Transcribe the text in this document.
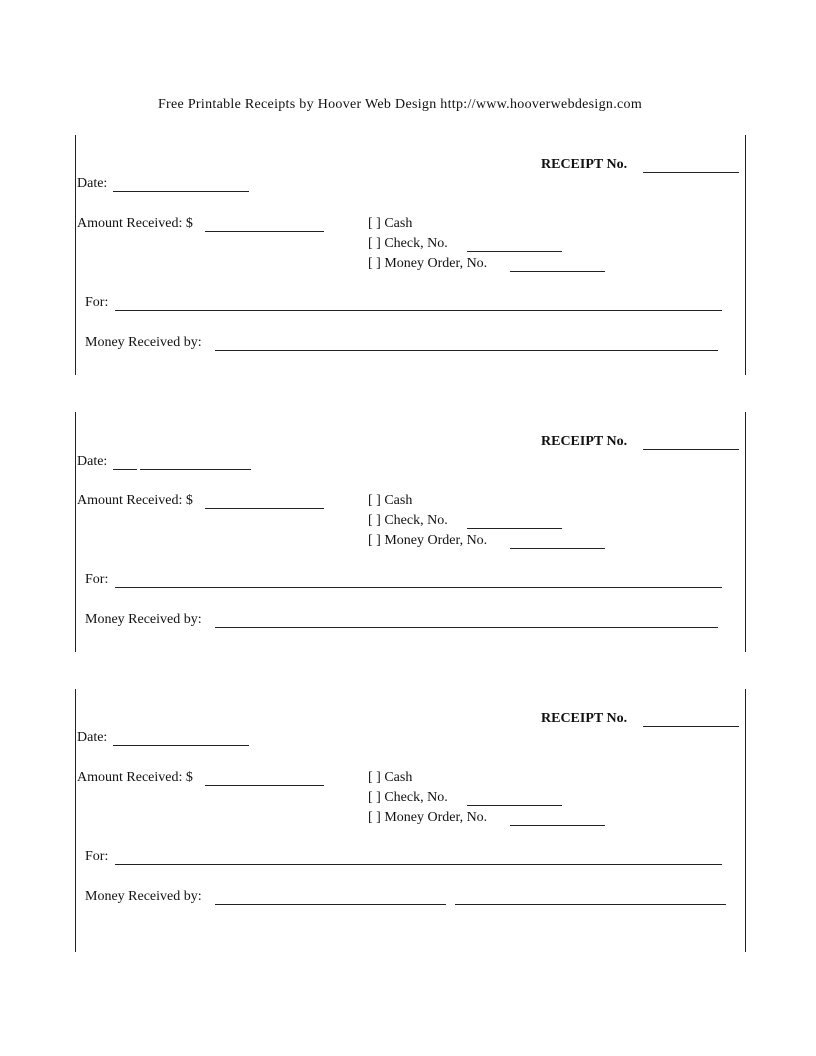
Free Printable Receipts by Hoover Web Design http://www.hooverwebdesign.com
RECEIPT No.
Date:
Amount Received: $	[ ] Cash
[ ] Check, No.
[ ] Money Order, No.
For:
Money Received by:
RECEIPT No.
Date:
Amount Received: $	[ ] Cash
[ ] Check, No.
[ ] Money Order, No.
For:
Money Received by:
RECEIPT No.
Date:
Amount Received: $	[ ] Cash
[ ] Check, No.
[ ] Money Order, No.
For:
Money Received by:
